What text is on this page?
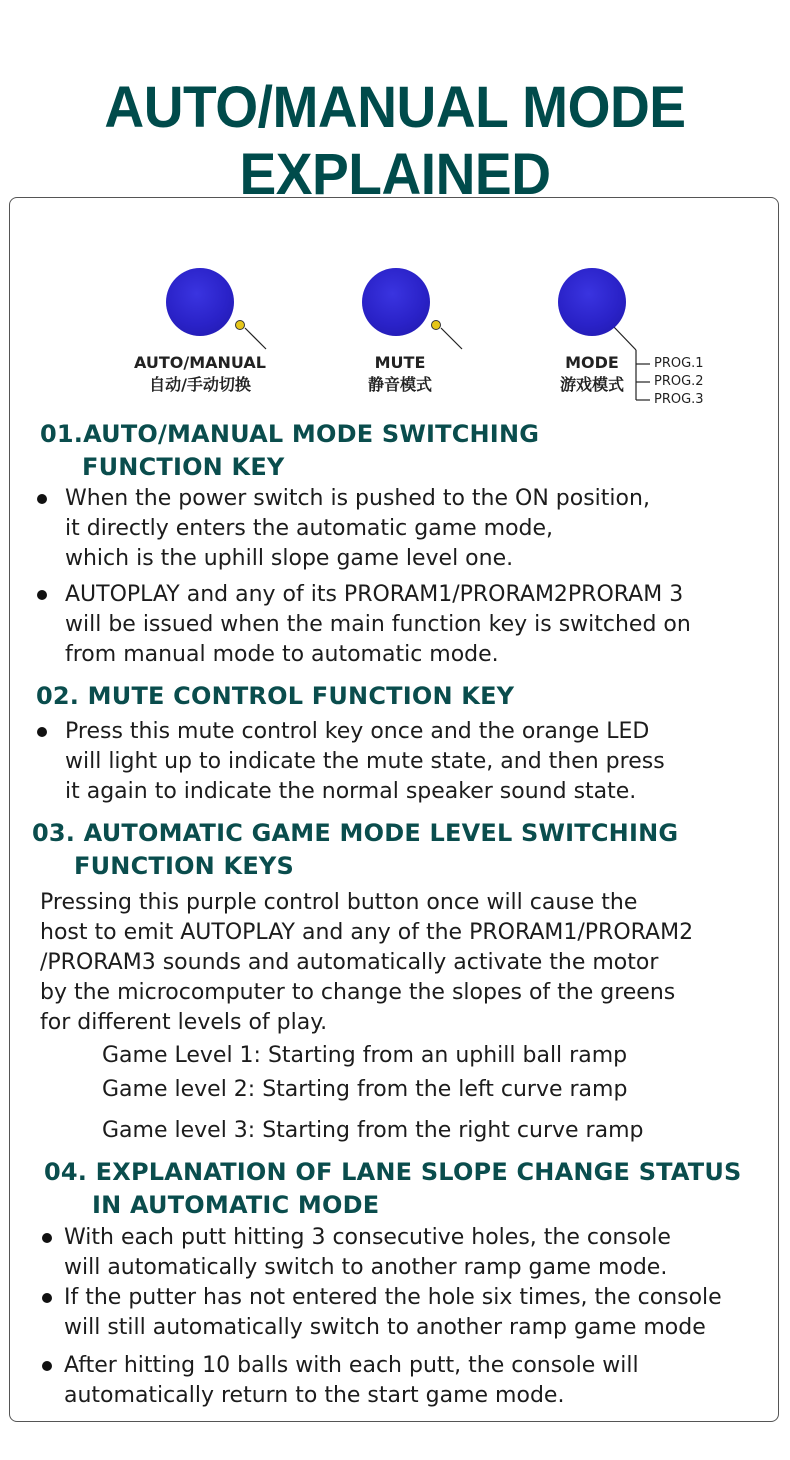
AUTO/MANUAL MODE EXPLAINED
AUTO/MANUAL
自动/手动切换
MUTE
静音模式
MODE
游戏模式
PROG.1
PROG.2
PROG.3
01.AUTO/MANUAL MODE SWITCHING
FUNCTION KEY
When the power switch is pushed to the ON position,
it directly enters the automatic game mode,
which is the uphill slope game level one.
AUTOPLAY and any of its PRORAM1/PRORAM2PRORAM 3
will be issued when the main function key is switched on
from manual mode to automatic mode.
02. MUTE CONTROL FUNCTION KEY
Press this mute control key once and the orange LED
will light up to indicate the mute state, and then press
it again to indicate the normal speaker sound state.
03. AUTOMATIC GAME MODE LEVEL SWITCHING
FUNCTION KEYS

Pressing this purple control button once will cause the
host to emit AUTOPLAY and any of the PRORAM1/PRORAM2
/PRORAM3 sounds and automatically activate the motor
by the microcomputer to change the slopes of the greens
for different levels of play.

Game Level 1: Starting from an uphill ball ramp
Game level 2: Starting from the left curve ramp
Game level 3: Starting from the right curve ramp
04. EXPLANATION OF LANE SLOPE CHANGE STATUS
IN AUTOMATIC MODE
With each putt hitting 3 consecutive holes, the console
will automatically switch to another ramp game mode.
If the putter has not entered the hole six times, the console
will still automatically switch to another ramp game mode
After hitting 10 balls with each putt, the console will
automatically return to the start game mode.
